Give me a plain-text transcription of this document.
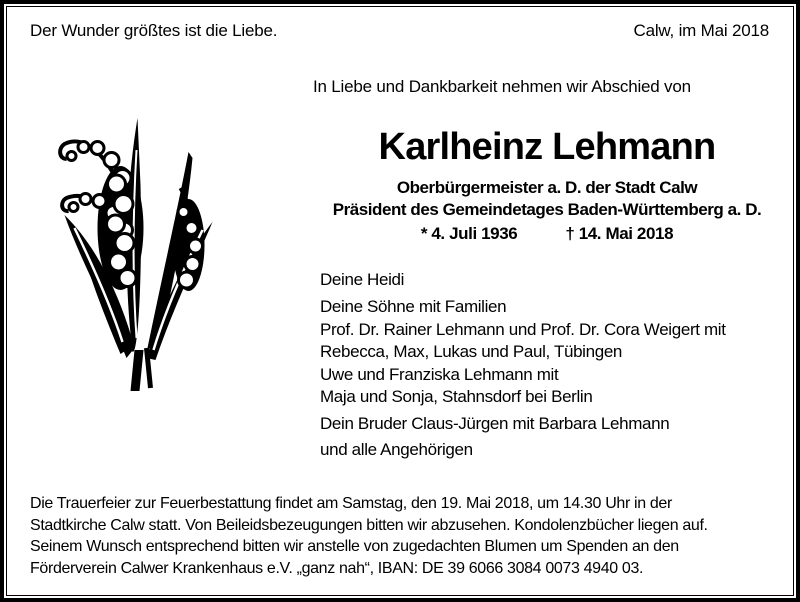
Der Wunder größtes ist die Liebe.	Calw, im Mai 2018
In Liebe und Dankbarkeit nehmen wir Abschied von
Karlheinz Lehmann
Oberbürgermeister a. D. der Stadt Calw
Präsident des Gemeindetages Baden-Württemberg a. D.
* 4. Juli 1936	† 14. Mai 2018
Deine Heidi
Deine Söhne mit Familien
Prof. Dr. Rainer Lehmann und Prof. Dr. Cora Weigert mit
Rebecca, Max, Lukas und Paul, Tübingen
Uwe und Franziska Lehmann mit
Maja und Sonja, Stahnsdorf bei Berlin
Dein Bruder Claus-Jürgen mit Barbara Lehmann
und alle Angehörigen
Die Trauerfeier zur Feuerbestattung findet am Samstag, den 19. Mai 2018, um 14.30 Uhr in der
Stadtkirche Calw statt. Von Beileidsbezeugungen bitten wir abzusehen. Kondolenzbücher liegen auf.
Seinem Wunsch entsprechend bitten wir anstelle von zugedachten Blumen um Spenden an den
Förderverein Calwer Krankenhaus e.V. „ganz nah“, IBAN: DE 39 6066 3084 0073 4940 03.
